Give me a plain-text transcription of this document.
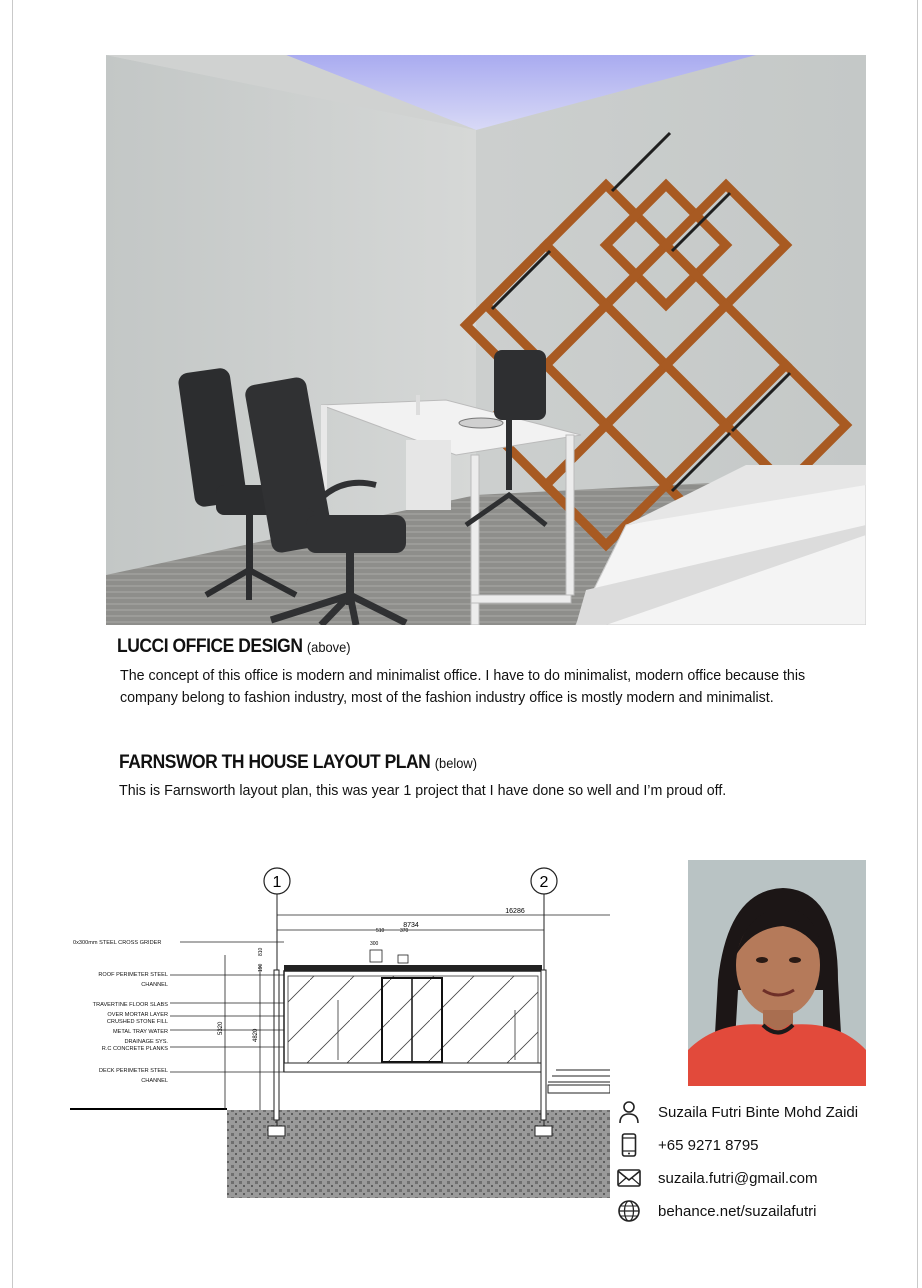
LUCCI OFFICE DESIGN (above)
The concept of this office is modern and minimalist office. I have to do minimalist, modern office because this
company belong to fashion industry, most of the fashion industry office is mostly modern and minimalist.
FARNSWOR TH HOUSE LAYOUT PLAN (below)
This is Farnsworth layout plan, this was year 1 project that I have done so well and I’m proud off.
1	2
16286
8734
510
300
370
5320
4820
190
810
0x300mm STEEL CROSS GRIDER
ROOF PERIMETER STEEL
CHANNEL
TRAVERTINE FLOOR SLABS
OVER MORTAR LAYER
CRUSHED STONE FILL
METAL TRAY WATER
DRAINAGE SYS.
R.C CONCRETE PLANKS
DECK PERIMETER STEEL
CHANNEL
Suzaila Futri Binte Mohd Zaidi
+65 9271 8795
suzaila.futri@gmail.com
behance.net/suzailafutri
